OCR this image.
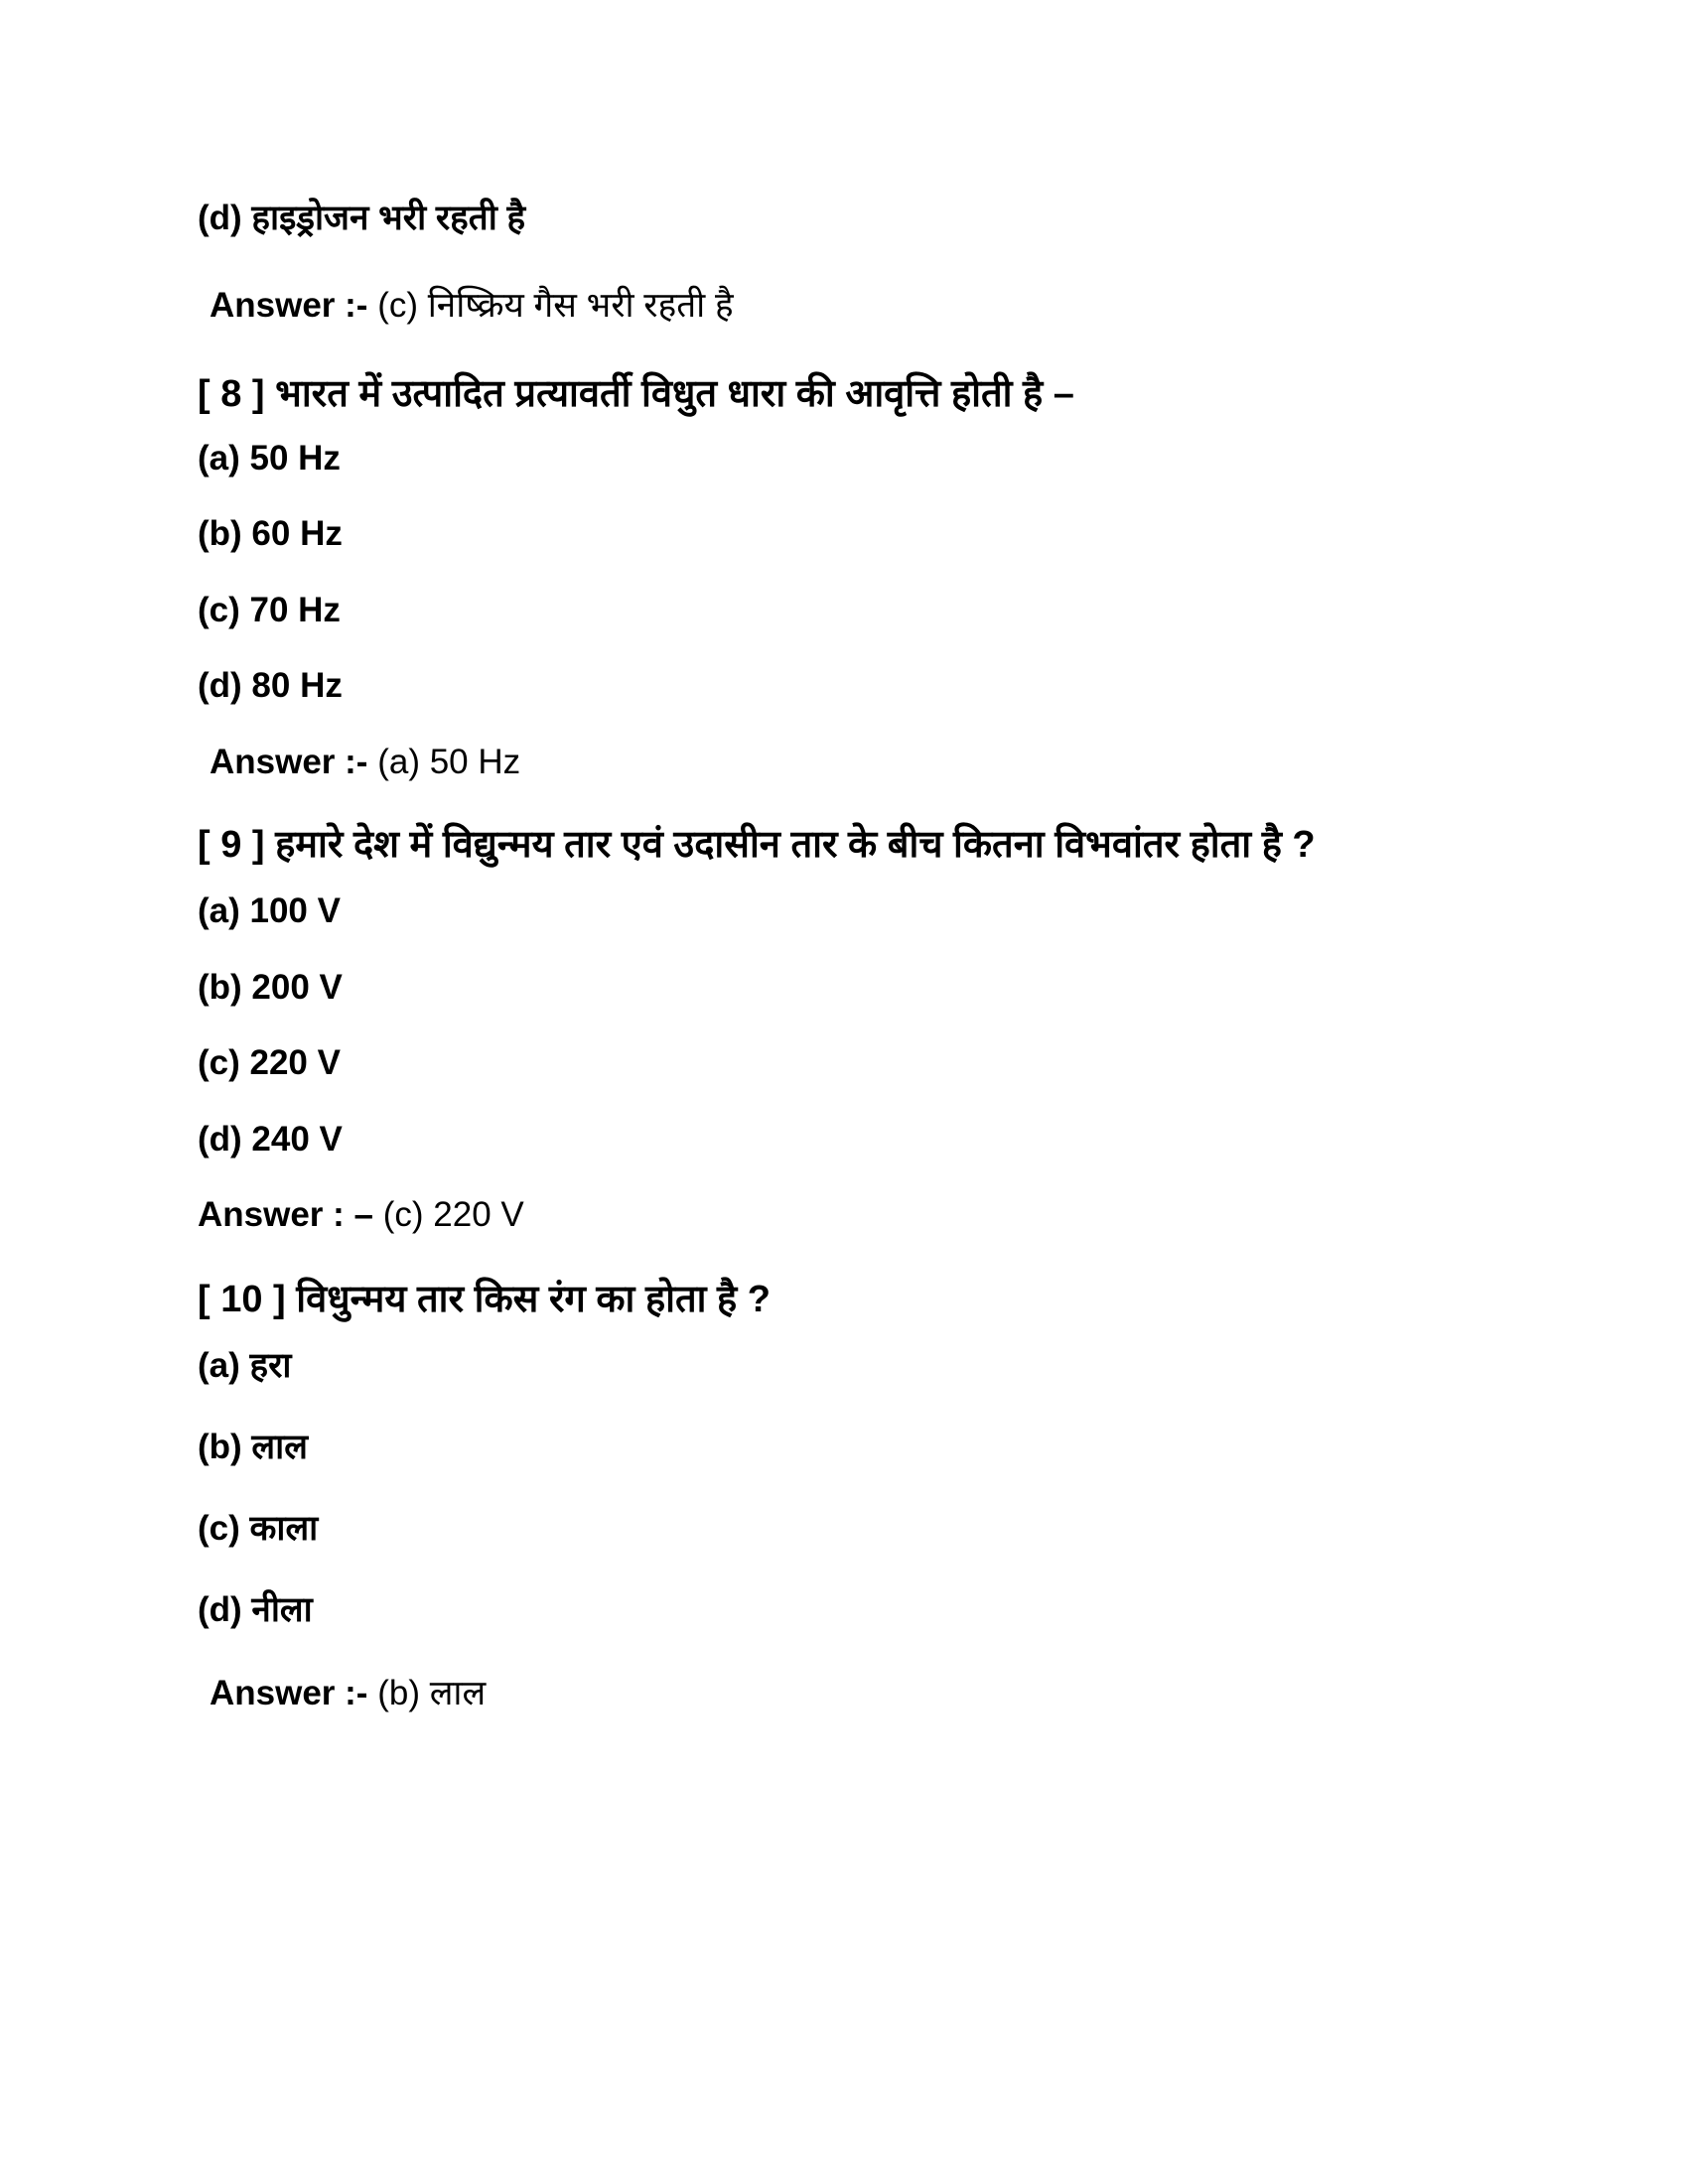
(d) हाइड्रोजन भरी रहती है
Answer :- (c) निष्क्रिय गैस भरी रहती है
[ 8 ] भारत में उत्पादित प्रत्यावर्ती विधुत धारा की आवृत्ति होती है –
(a) 50 Hz
(b) 60 Hz
(c) 70 Hz
(d) 80 Hz
Answer :- (a) 50 Hz
[ 9 ] हमारे देश में विद्युन्मय तार एवं उदासीन तार के बीच कितना विभवांतर होता है ?
(a) 100 V
(b) 200 V
(c) 220 V
(d) 240 V
Answer : – (c) 220 V
[ 10 ] विधुन्मय तार किस रंग का होता है ?
(a) हरा
(b) लाल
(c) काला
(d) नीला
Answer :- (b) लाल
